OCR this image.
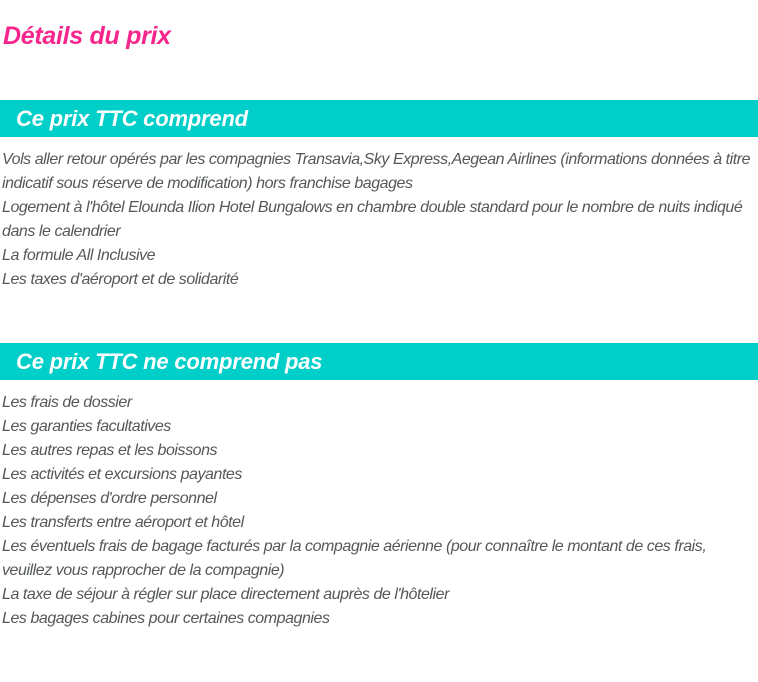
Détails du prix
Ce prix TTC comprend

Vols aller retour opérés par les compagnies Transavia,Sky Express,Aegean Airlines (informations données à titre indicatif sous réserve de modification) hors franchise bagages

Logement à l'hôtel Elounda Ilion Hotel Bungalows en chambre double standard pour le nombre de nuits indiqué dans le calendrier

La formule All Inclusive

Les taxes d'aéroport et de solidarité

Ce prix TTC ne comprend pas

Les frais de dossier

Les garanties facultatives

Les autres repas et les boissons

Les activités et excursions payantes

Les dépenses d'ordre personnel

Les transferts entre aéroport et hôtel

Les éventuels frais de bagage facturés par la compagnie aérienne (pour connaître le montant de ces frais, veuillez vous rapprocher de la compagnie)

La taxe de séjour à régler sur place directement auprès de l'hôtelier

Les bagages cabines pour certaines compagnies
